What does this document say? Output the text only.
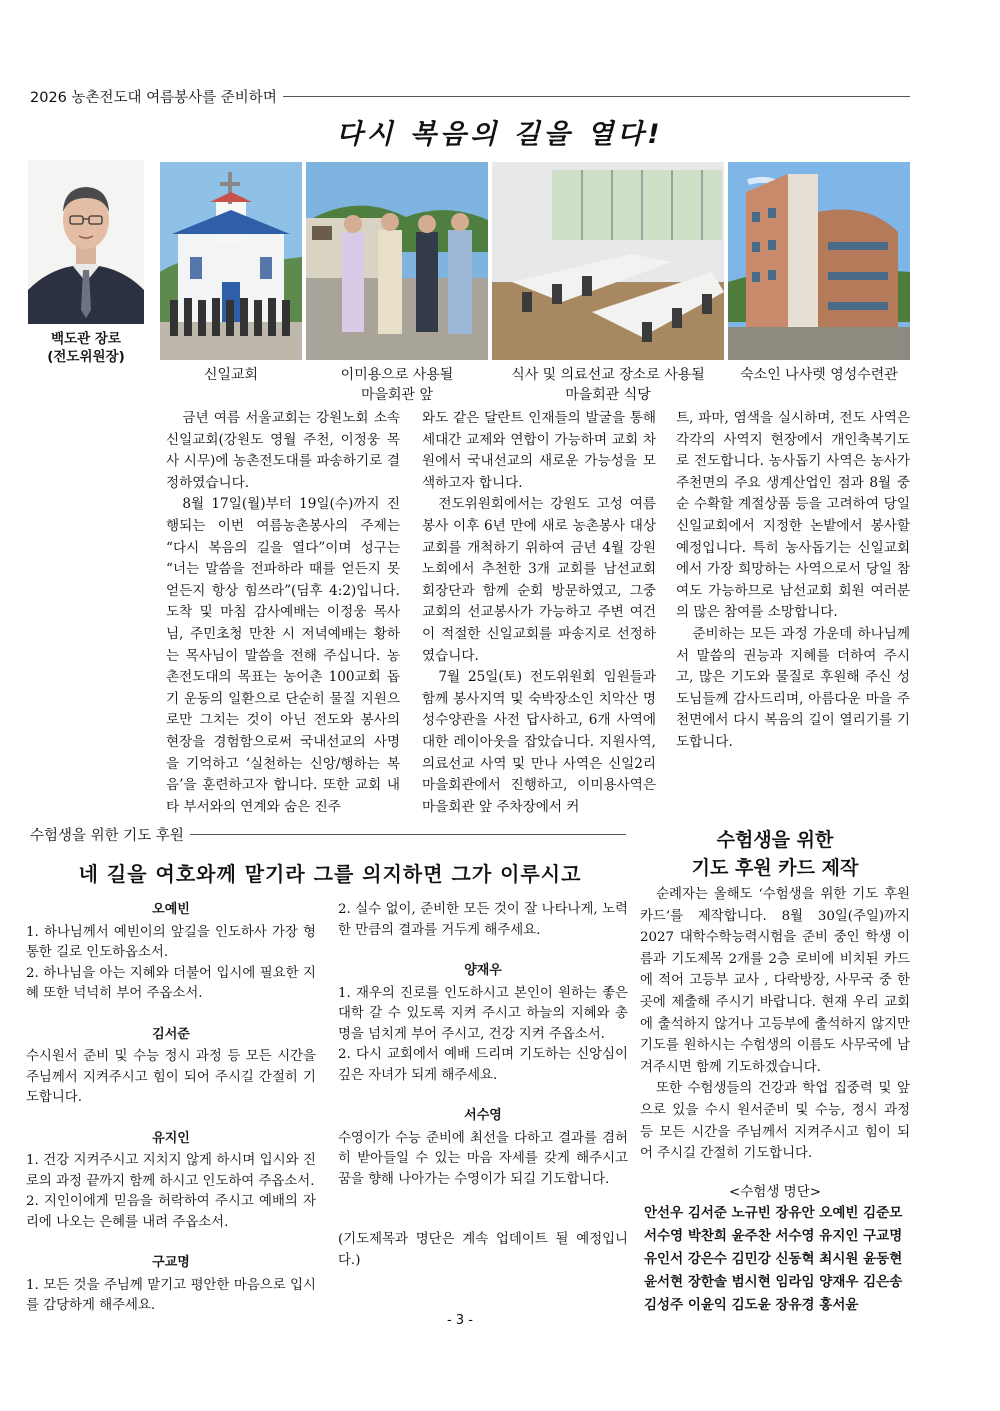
2026 농촌전도대 여름봉사를 준비하며
다시 복음의 길을 열다!
백도관 장로
(전도위원장)
신일교회	이미용으로 사용될
마을회관 앞
식사 및 의료선교 장소로 사용될
마을회관 식당
숙소인 나사렛 영성수련관

금년 여름 서울교회는 강원노회 소속 신일교회(강원도 영월 주천, 이정웅 목사 시무)에 농촌전도대를 파송하기로 결정하였습니다.

8월 17일(월)부터 19일(수)까지 진행되는 이번 여름농촌봉사의 주제는 “다시 복음의 길을 열다”이며 성구는 “너는 말씀을 전파하라 때를 얻든지 못 얻든지 항상 힘쓰라”(딤후 4:2)입니다. 도착 및 마침 감사예배는 이정웅 목사님, 주민초청 만찬 시 저녁예배는 황하는 목사님이 말씀을 전해 주십니다. 농촌전도대의 목표는 농어촌 100교회 돕기 운동의 일환으로 단순히 물질 지원으로만 그치는 것이 아닌 전도와 봉사의 현장을 경험함으로써 국내선교의 사명을 기억하고 ‘실천하는 신앙/행하는 복음’을 훈련하고자 합니다. 또한 교회 내 타 부서와의 연계와 숨은 진주

와도 같은 달란트 인재들의 발굴을 통해 세대간 교제와 연합이 가능하며 교회 차원에서 국내선교의 새로운 가능성을 모색하고자 합니다.

전도위원회에서는 강원도 고성 여름봉사 이후 6년 만에 새로 농촌봉사 대상교회를 개척하기 위하여 금년 4월 강원노회에서 추천한 3개 교회를 남선교회 회장단과 함께 순회 방문하였고, 그중 교회의 선교봉사가 가능하고 주변 여건이 적절한 신일교회를 파송지로 선정하였습니다.

7월 25일(토) 전도위원회 임원들과 함께 봉사지역 및 숙박장소인 치악산 명성수양관을 사전 답사하고, 6개 사역에 대한 레이아웃을 잡았습니다. 지원사역, 의료선교 사역 및 만나 사역은 신일2리 마을회관에서 진행하고, 이미용사역은 마을회관 앞 주차장에서 커

트, 파마, 염색을 실시하며, 전도 사역은 각각의 사역지 현장에서 개인축복기도로 전도합니다. 농사돕기 사역은 농사가 주천면의 주요 생계산업인 점과 8월 중순 수확할 계절상품 등을 고려하여 당일 신일교회에서 지정한 논밭에서 봉사할 예정입니다. 특히 농사돕기는 신일교회에서 가장 희망하는 사역으로서 당일 참여도 가능하므로 남선교회 회원 여러분의 많은 참여를 소망합니다.

준비하는 모든 과정 가운데 하나님께서 말씀의 권능과 지혜를 더하여 주시고, 많은 기도와 물질로 후원해 주신 성도님들께 감사드리며, 아름다운 마을 주천면에서 다시 복음의 길이 열리기를 기도합니다.

수험생을 위한 기도 후원
네 길을 여호와께 맡기라 그를 의지하면 그가 이루시고
오예빈
1. 하나님께서 예빈이의 앞길을 인도하사 가장 형통한 길로 인도하옵소서.
2. 하나님을 아는 지혜와 더불어 입시에 필요한 지혜 또한 넉넉히 부어 주옵소서.
김서준
수시원서 준비 및 수능 정시 과정 등 모든 시간을 주님께서 지켜주시고 힘이 되어 주시길 간절히 기도합니다.
유지인
1. 건강 지켜주시고 지치지 않게 하시며 입시와 진로의 과정 끝까지 함께 하시고 인도하여 주옵소서.
2. 지인이에게 믿음을 허락하여 주시고 예배의 자리에 나오는 은혜를 내려 주옵소서.
구교명
1. 모든 것을 주님께 맡기고 평안한 마음으로 입시를 감당하게 해주세요.
2. 실수 없이, 준비한 모든 것이 잘 나타나게, 노력한 만큼의 결과를 거두게 해주세요.
양재우
1. 재우의 진로를 인도하시고 본인이 원하는 좋은 대학 갈 수 있도록 지켜 주시고 하늘의 지혜와 총명을 넘치게 부어 주시고, 건강 지켜 주옵소서.
2. 다시 교회에서 예배 드리며 기도하는 신앙심이 깊은 자녀가 되게 해주세요.
서수영
수영이가 수능 준비에 최선을 다하고 결과를 겸허히 받아들일 수 있는 마음 자세를 갖게 해주시고 꿈을 향해 나아가는 수영이가 되길 기도합니다.
(기도제목과 명단은 계속 업데이트 될 예정입니다.)
수험생을 위한
기도 후원 카드 제작

순례자는 올해도 ‘수험생을 위한 기도 후원 카드’를 제작합니다. 8월 30일(주일)까지 2027 대학수학능력시험을 준비 중인 학생 이름과 기도제목 2개를 2층 로비에 비치된 카드에 적어 고등부 교사 , 다락방장, 사무국 중 한 곳에 제출해 주시기 바랍니다. 현재 우리 교회에 출석하지 않거나 고등부에 출석하지 않지만 기도를 원하시는 수험생의 이름도 사무국에 남겨주시면 함께 기도하겠습니다.

또한 수험생들의 건강과 학업 집중력 및 앞으로 있을 수시 원서준비 및 수능, 정시 과정 등 모든 시간을 주님께서 지켜주시고 힘이 되어 주시길 간절히 기도합니다.

<수험생 명단>
안선우 김서준 노규빈 장유안 오예빈 김준모
서수영 박찬희 윤주찬 서수영 유지인 구교명
유인서 강은수 김민강 신동혁 최시원 윤동현
윤서현 장한솔 범시현 임라임 양재우 김은송
김성주 이윤익 김도윤 장유경 홍서윤
- 3 -
